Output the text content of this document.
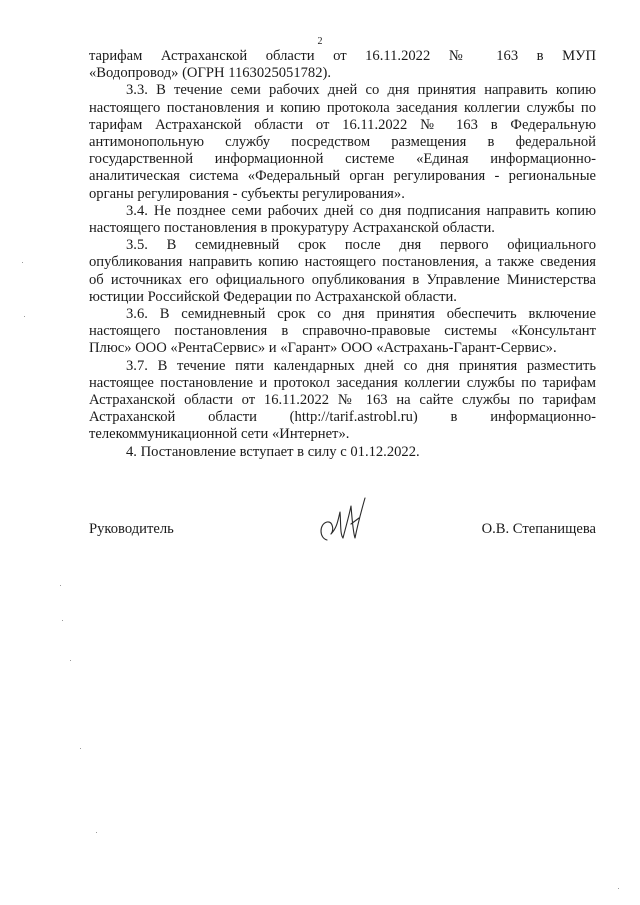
2
тарифам Астраханской области от 16.11.2022 № 163 в МУП
«Водопровод» (ОГРН 1163025051782).
3.3. В течение семи рабочих дней со дня принятия направить копию
настоящего постановления и копию протокола заседания коллегии службы по
тарифам Астраханской области от 16.11.2022 № 163 в Федеральную
антимонопольную службу посредством размещения в федеральной
государственной информационной системе «Единая информационно-
аналитическая система «Федеральный орган регулирования - региональные
органы регулирования - субъекты регулирования».
3.4. Не позднее семи рабочих дней со дня подписания направить копию
настоящего постановления в прокуратуру Астраханской области.
3.5. В семидневный срок после дня первого официального
опубликования направить копию настоящего постановления, а также сведения
об источниках его официального опубликования в Управление Министерства
юстиции Российской Федерации по Астраханской области.
3.6. В семидневный срок со дня принятия обеспечить включение
настоящего постановления в справочно-правовые системы «Консультант
Плюс» ООО «РентаСервис» и «Гарант» ООО «Астрахань-Гарант-Сервис».
3.7. В течение пяти календарных дней со дня принятия разместить
настоящее постановление и протокол заседания коллегии службы по тарифам
Астраханской области от 16.11.2022 № 163 на сайте службы по тарифам
Астраханской области (http://tarif.astrobl.ru) в информационно-
телекоммуникационной сети «Интернет».
4. Постановление вступает в силу с 01.12.2022.
Руководитель	О.В. Степанищева
